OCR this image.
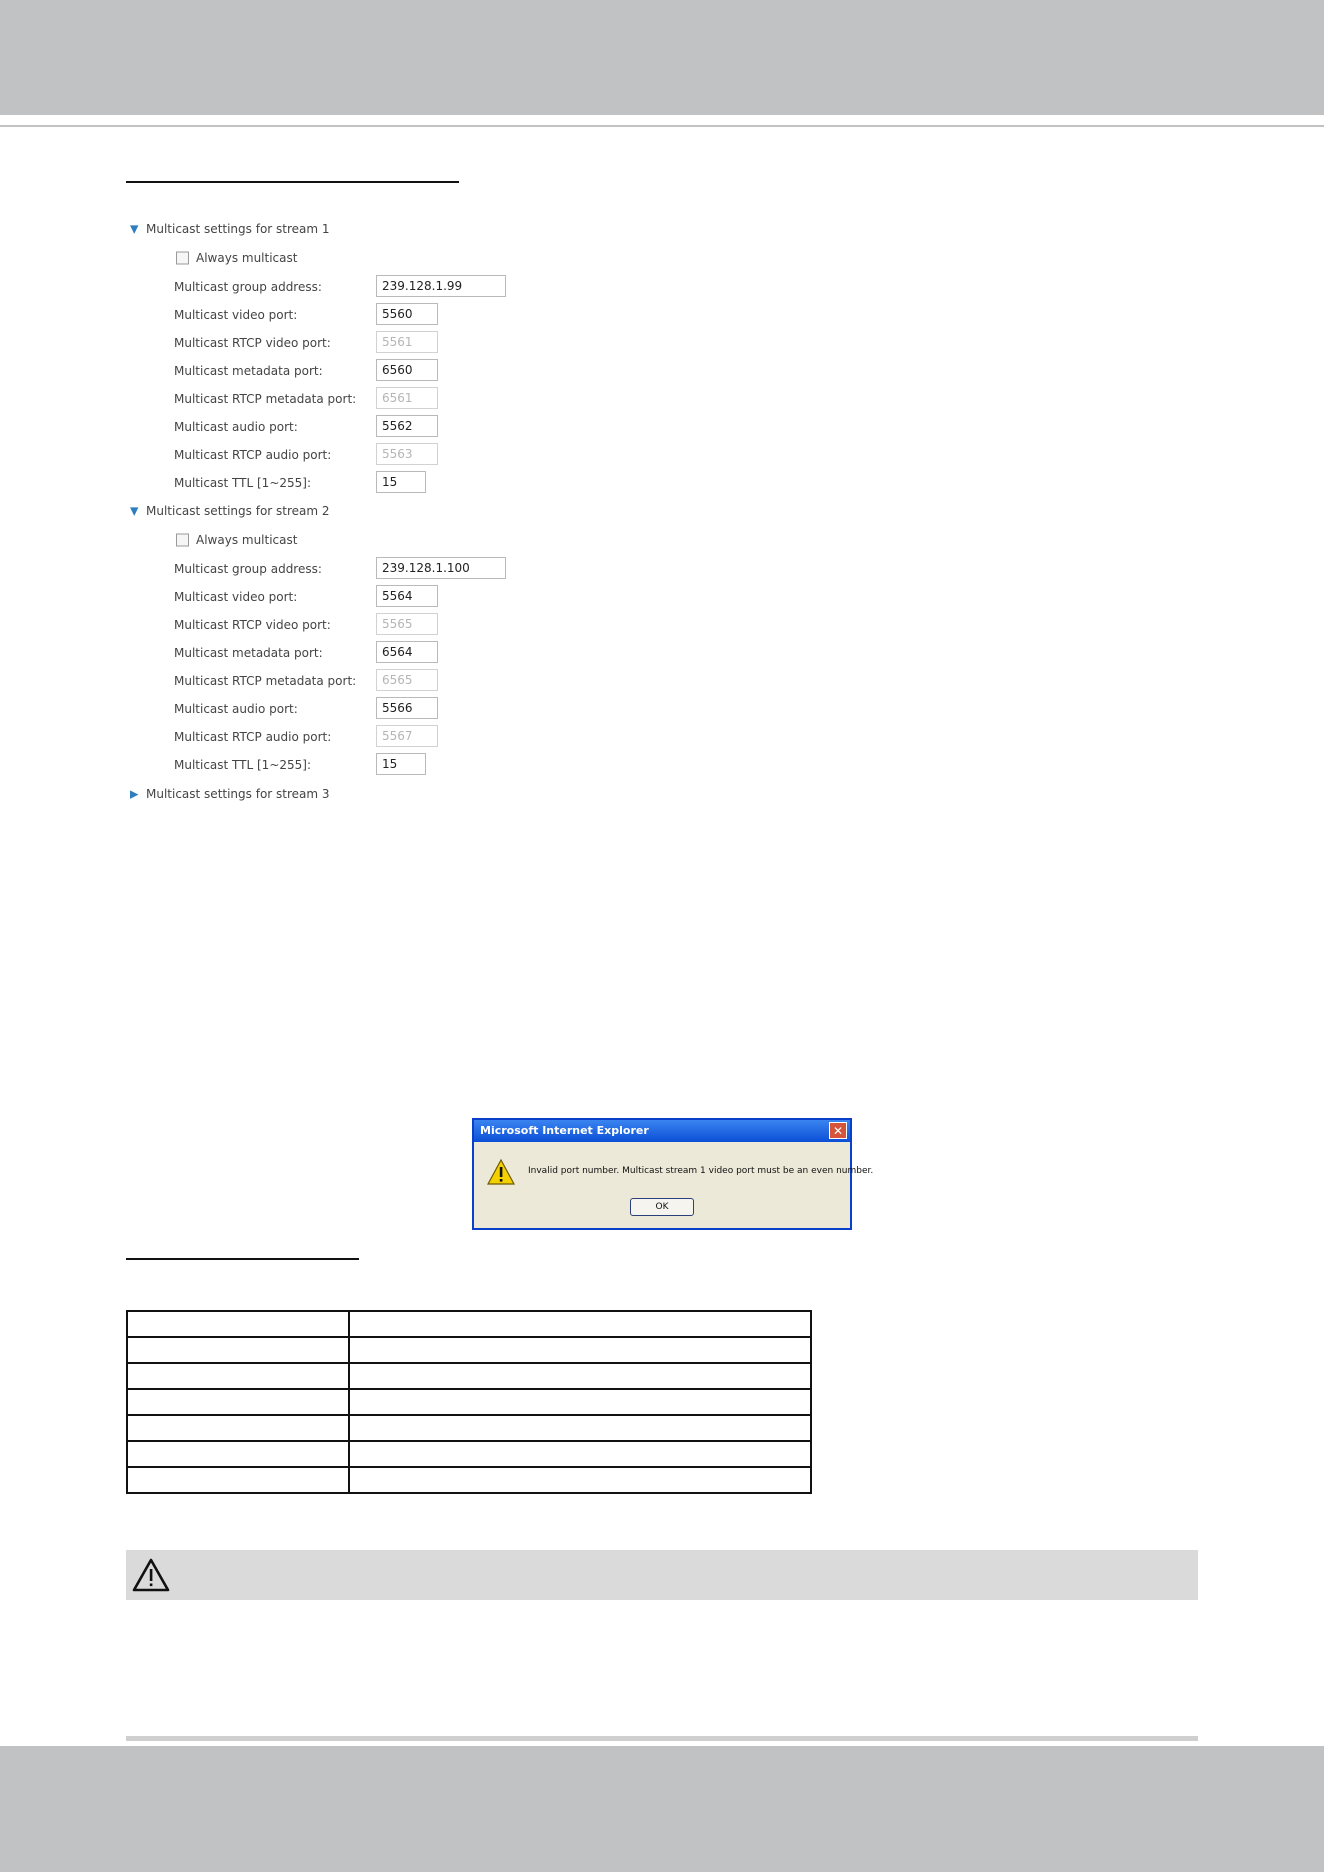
▼ Multicast settings for stream 1
Always multicast
Multicast group address:	239.128.1.99
Multicast video port:	5560
Multicast RTCP video port:	5561
Multicast metadata port:	6560
Multicast RTCP metadata port:	6561
Multicast audio port:	5562
Multicast RTCP audio port:	5563
Multicast TTL [1~255]:	15
▼ Multicast settings for stream 2
Always multicast
Multicast group address:	239.128.1.100
Multicast video port:	5564
Multicast RTCP video port:	5565
Multicast metadata port:	6564
Multicast RTCP metadata port:	6565
Multicast audio port:	5566
Multicast RTCP audio port:	5567
Multicast TTL [1~255]:	15
▶ Multicast settings for stream 3
Microsoft Internet Explorer	✕
Invalid port number. Multicast stream 1 video port must be an even number.
OK
